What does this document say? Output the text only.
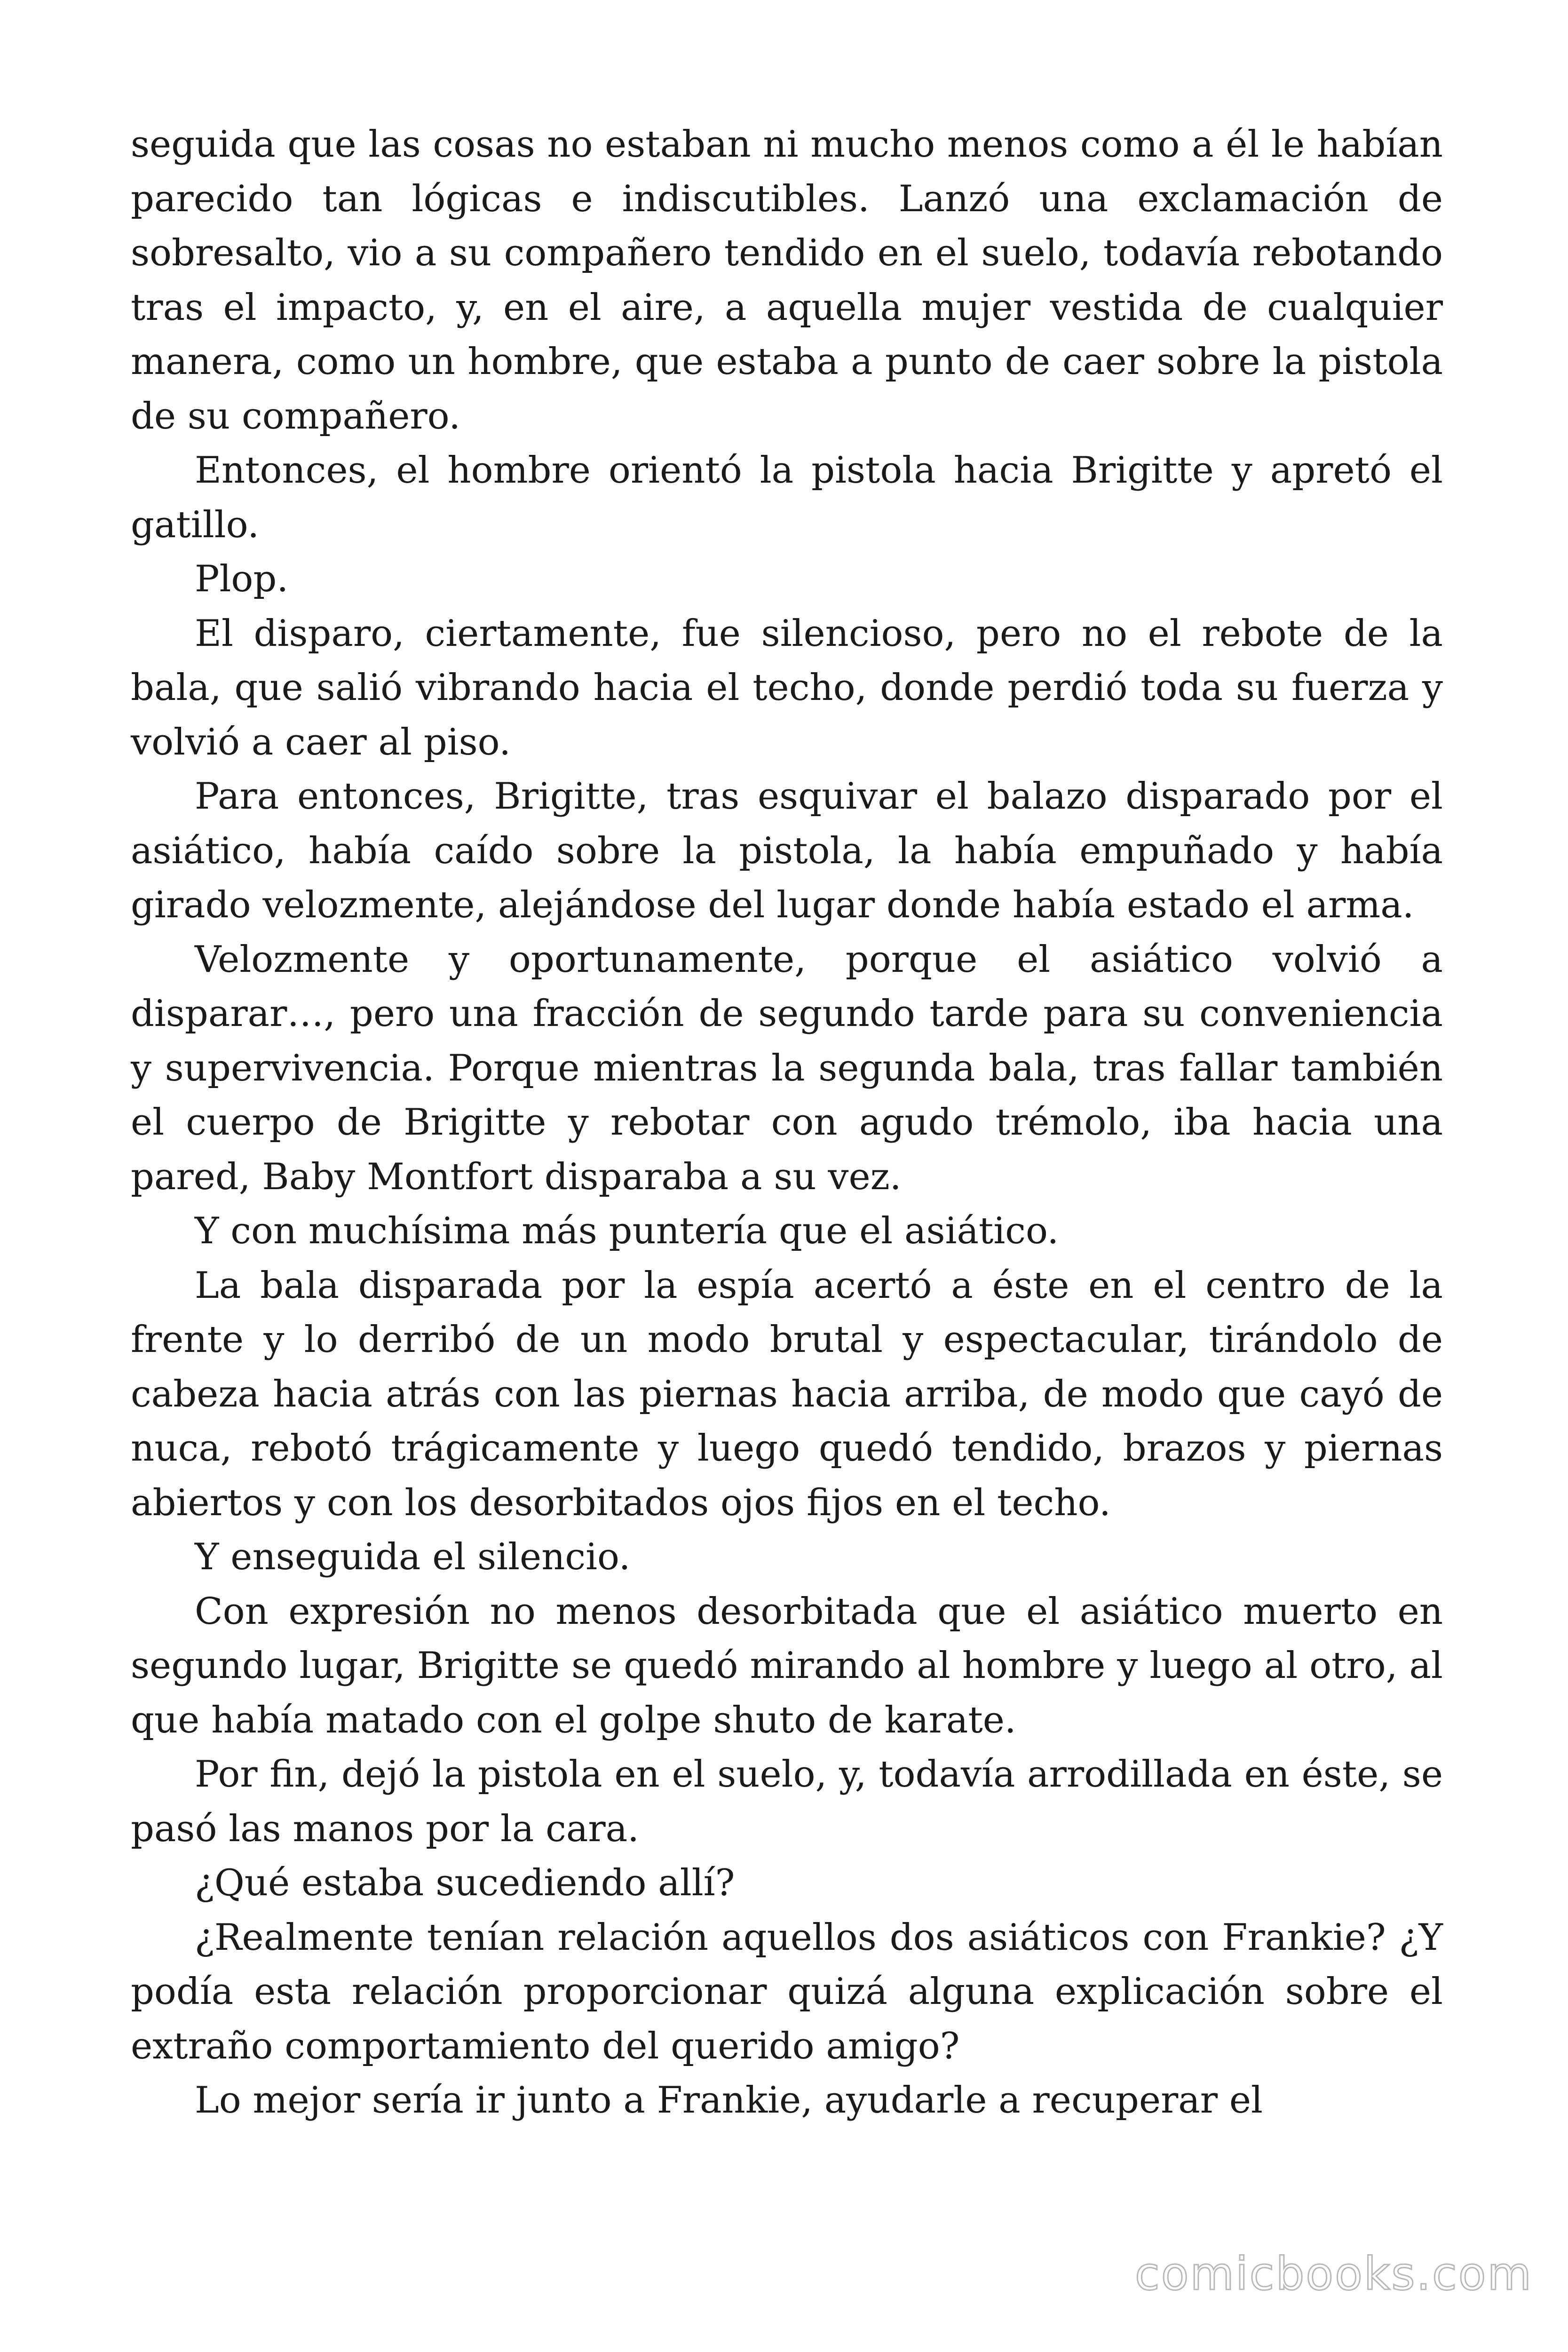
seguida que las cosas no estaban ni mucho menos como a él le habían parecido tan lógicas e indiscutibles. Lanzó una exclamación de sobresalto, vio a su compañero tendido en el suelo, todavía rebotando tras el impacto, y, en el aire, a aquella mujer vestida de cualquier manera, como un hombre, que estaba a punto de caer sobre la pistola de su compañero.

Entonces, el hombre orientó la pistola hacia Brigitte y apretó el gatillo.

Plop.

El disparo, ciertamente, fue silencioso, pero no el rebote de la bala, que salió vibrando hacia el techo, donde perdió toda su fuerza y volvió a caer al piso.

Para entonces, Brigitte, tras esquivar el balazo disparado por el asiático, había caído sobre la pistola, la había empuñado y había girado velozmente, alejándose del lugar donde había estado el arma.

Velozmente y oportunamente, porque el asiático volvió a disparar…, pero una fracción de segundo tarde para su conveniencia y supervivencia. Porque mientras la segunda bala, tras fallar también el cuerpo de Brigitte y rebotar con agudo trémolo, iba hacia una pared, Baby Montfort disparaba a su vez.

Y con muchísima más puntería que el asiático.

La bala disparada por la espía acertó a éste en el centro de la frente y lo derribó de un modo brutal y espectacular, tirándolo de cabeza hacia atrás con las piernas hacia arriba, de modo que cayó de nuca, rebotó trágicamente y luego quedó tendido, brazos y piernas abiertos y con los desorbitados ojos fijos en el techo.

Y enseguida el silencio.

Con expresión no menos desorbitada que el asiático muerto en segundo lugar, Brigitte se quedó mirando al hombre y luego al otro, al que había matado con el golpe shuto de karate.

Por fin, dejó la pistola en el suelo, y, todavía arrodillada en éste, se pasó las manos por la cara.

¿Qué estaba sucediendo allí?

¿Realmente tenían relación aquellos dos asiáticos con Frankie? ¿Y podía esta relación proporcionar quizá alguna explicación sobre el extraño comportamiento del querido amigo?

Lo mejor sería ir junto a Frankie, ayudarle a recuperar el

comicbooks.com
